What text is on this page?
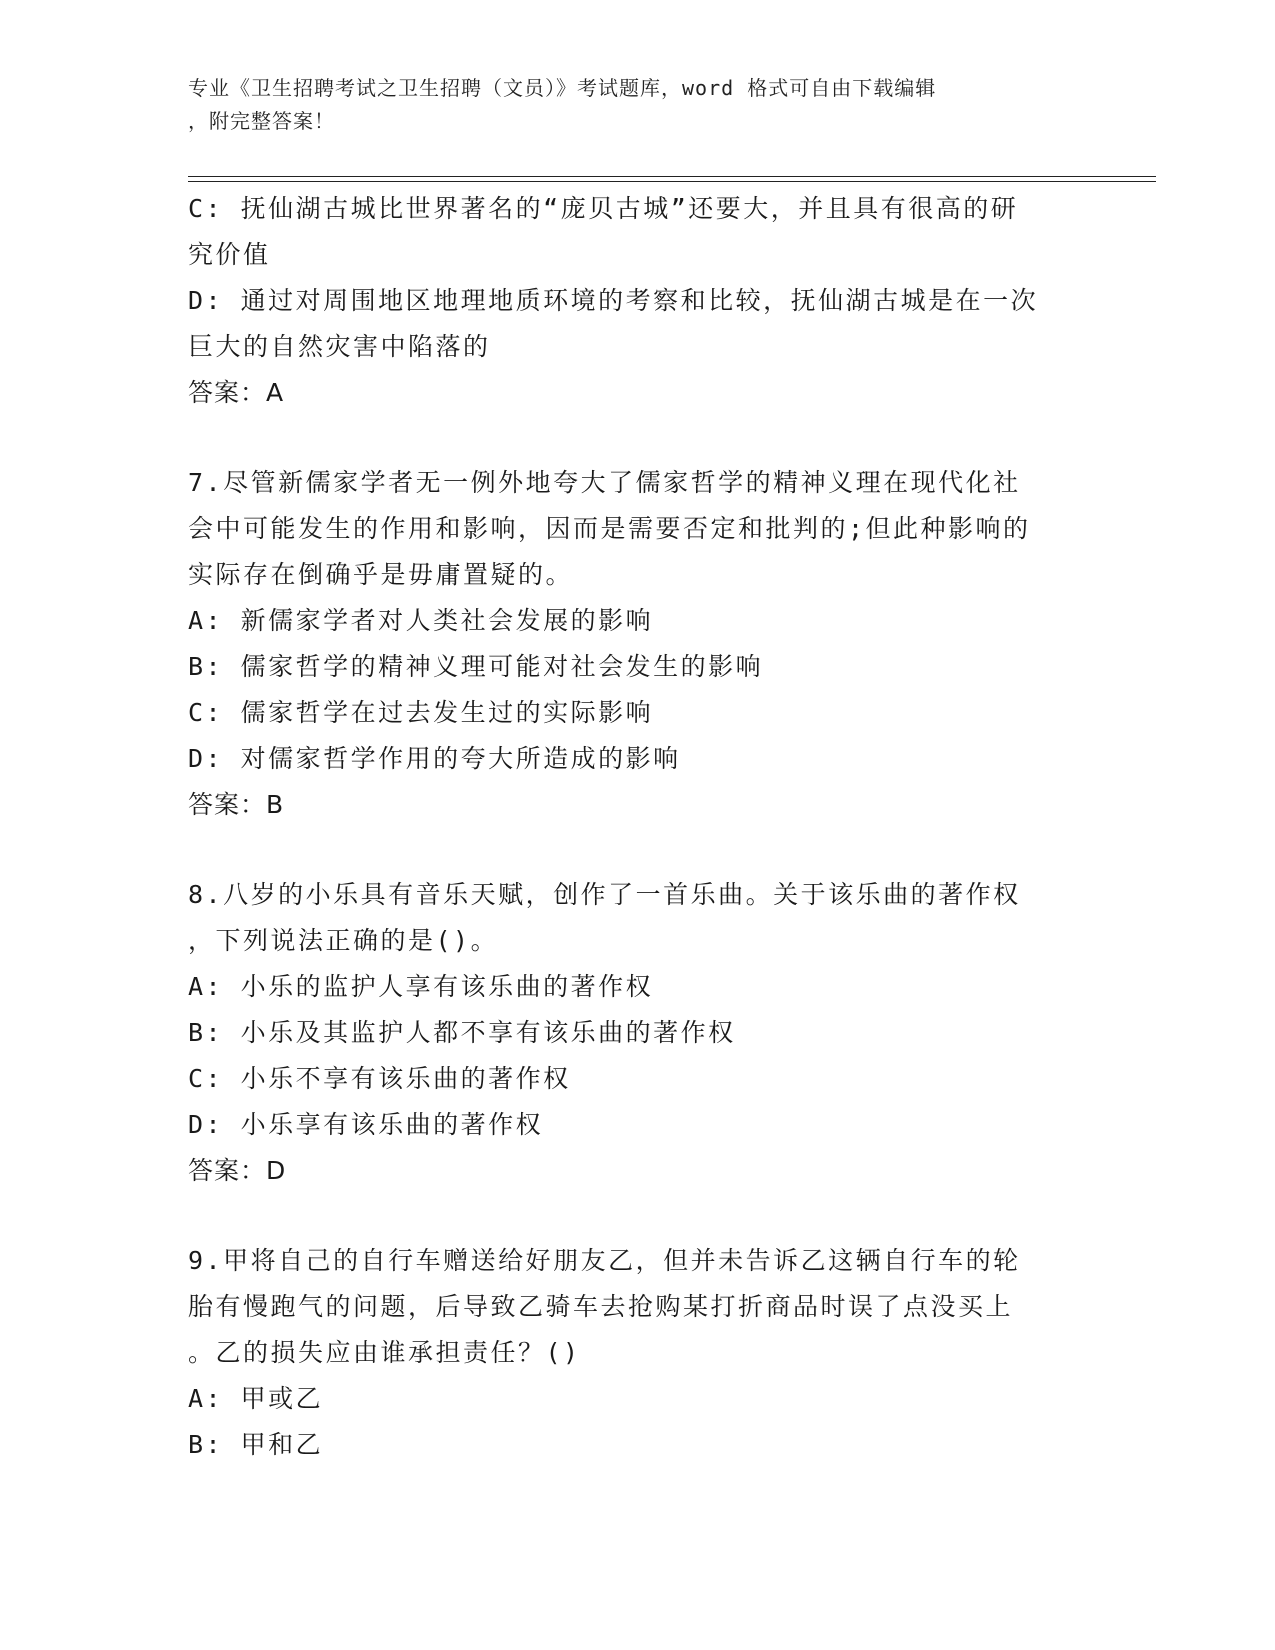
专业《卫生招聘考试之卫生招聘（文员）》考试题库，word 格式可自由下载编辑
，附完整答案！

C: 抚仙湖古城比世界著名的“庞贝古城”还要大，并且具有很高的研

究价值

D: 通过对周围地区地理地质环境的考察和比较，抚仙湖古城是在一次

巨大的自然灾害中陷落的

答案：A

7.尽管新儒家学者无一例外地夸大了儒家哲学的精神义理在现代化社

会中可能发生的作用和影响，因而是需要否定和批判的;但此种影响的

实际存在倒确乎是毋庸置疑的。

A: 新儒家学者对人类社会发展的影响

B: 儒家哲学的精神义理可能对社会发生的影响

C: 儒家哲学在过去发生过的实际影响

D: 对儒家哲学作用的夸大所造成的影响

答案：B

8.八岁的小乐具有音乐天赋，创作了一首乐曲。关于该乐曲的著作权

，下列说法正确的是()。

A: 小乐的监护人享有该乐曲的著作权

B: 小乐及其监护人都不享有该乐曲的著作权

C: 小乐不享有该乐曲的著作权

D: 小乐享有该乐曲的著作权

答案：D

9.甲将自己的自行车赠送给好朋友乙，但并未告诉乙这辆自行车的轮

胎有慢跑气的问题，后导致乙骑车去抢购某打折商品时误了点没买上

。乙的损失应由谁承担责任？()

A: 甲或乙

B: 甲和乙
